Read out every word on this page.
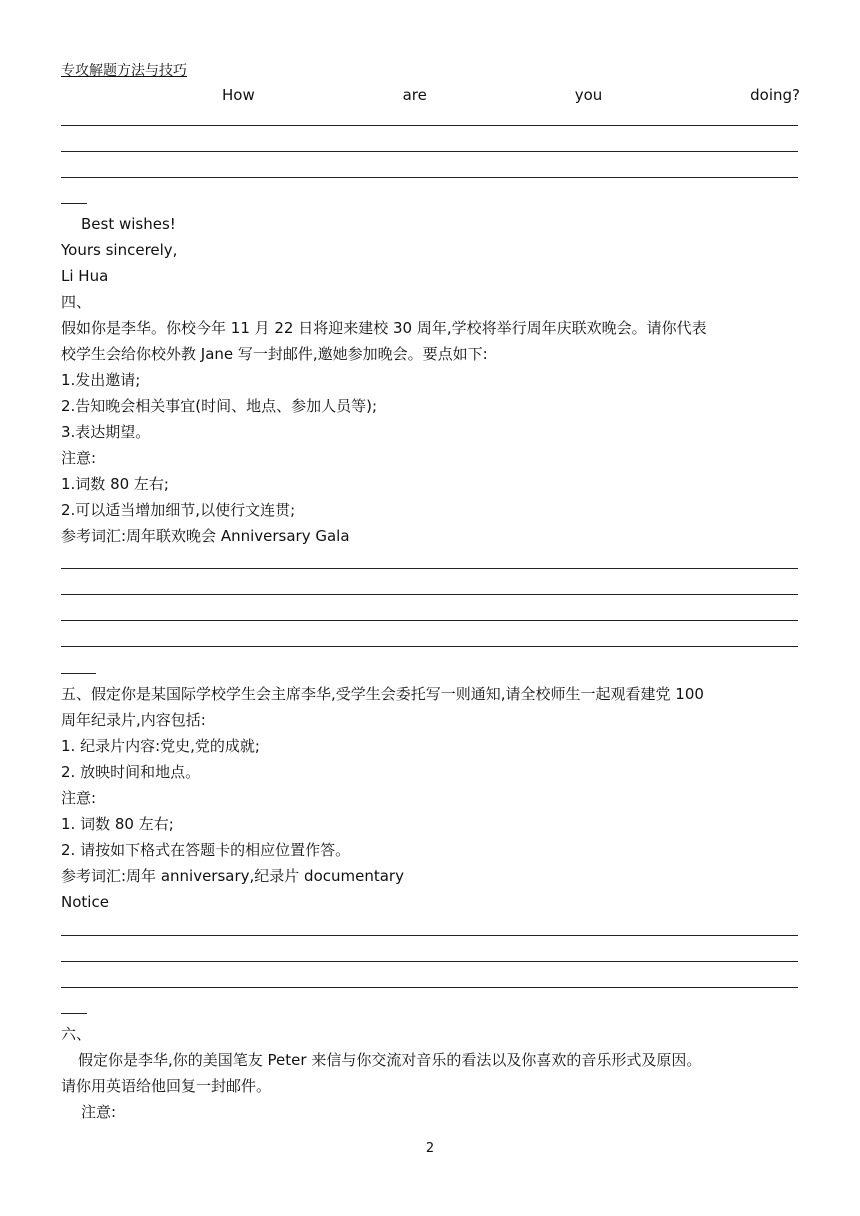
专攻解题方法与技巧
How	are	you	doing?
Best wishes!
Yours sincerely,
Li Hua
四、
假如你是李华。你校今年 11 月 22 日将迎来建校 30 周年,学校将举行周年庆联欢晚会。请你代表
校学生会给你校外教 Jane 写一封邮件,邀她参加晚会。要点如下:
1.发出邀请;
2.告知晚会相关事宜(时间、地点、参加人员等);
3.表达期望。
注意:
1.词数 80 左右;
2.可以适当增加细节,以使行文连贯;
参考词汇:周年联欢晚会 Anniversary Gala
五、假定你是某国际学校学生会主席李华,受学生会委托写一则通知,请全校师生一起观看建党 100
周年纪录片,内容包括:
1. 纪录片内容:党史,党的成就;
2. 放映时间和地点。
注意:
1. 词数 80 左右;
2. 请按如下格式在答题卡的相应位置作答。
参考词汇:周年 anniversary,纪录片 documentary
Notice
六、
假定你是李华,你的美国笔友 Peter 来信与你交流对音乐的看法以及你喜欢的音乐形式及原因。
请你用英语给他回复一封邮件。
注意:
2
